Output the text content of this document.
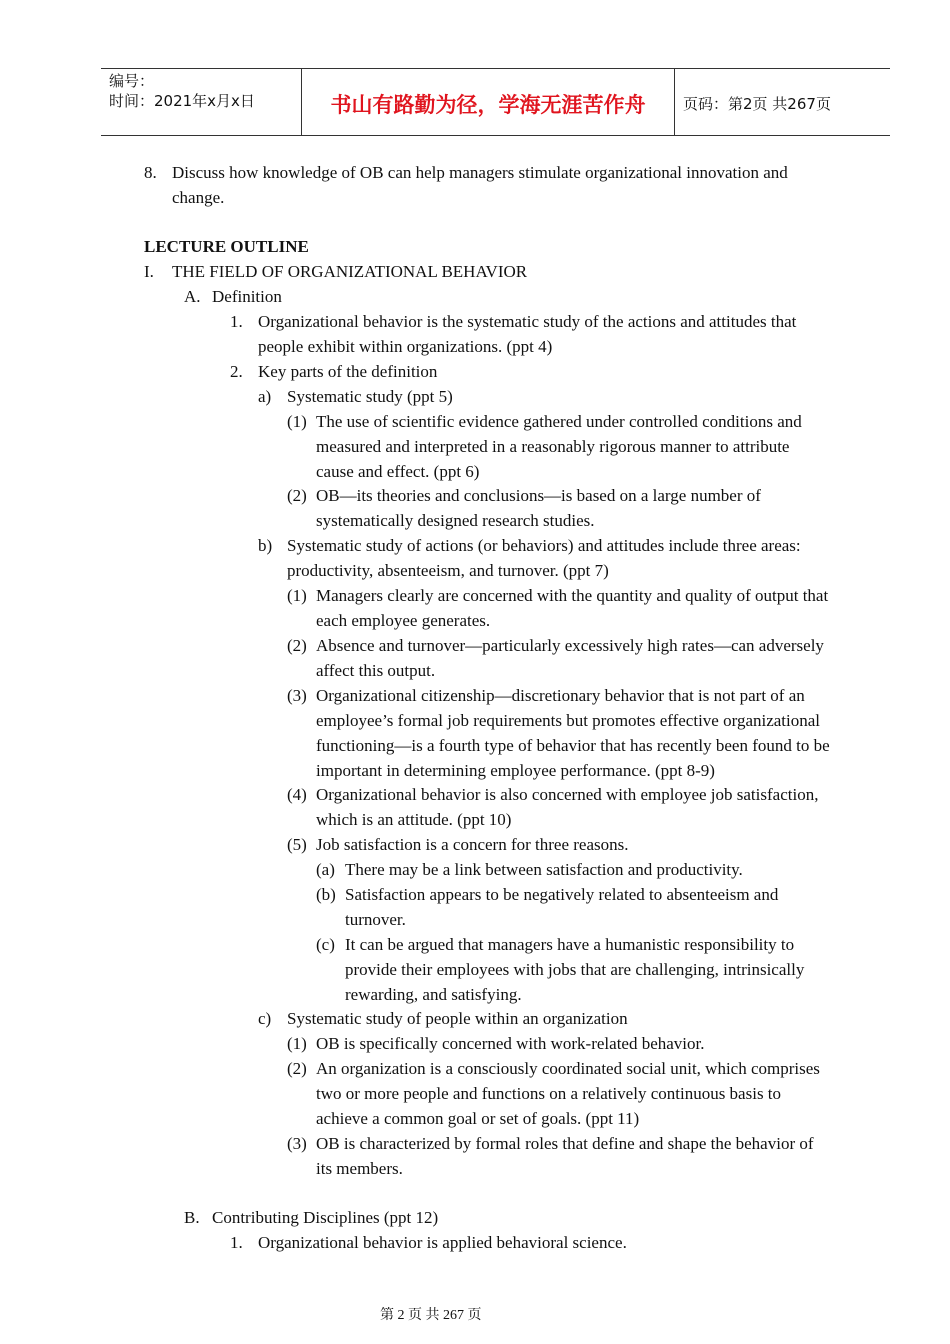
编号：
时间：2021年x月x日	书山有路勤为径，学海无涯苦作舟	页码：第2页 共267页
8. Discuss how knowledge of OB can help managers stimulate organizational innovation and
change.
LECTURE OUTLINE
I. THE FIELD OF ORGANIZATIONAL BEHAVIOR
A. Definition
1. Organizational behavior is the systematic study of the actions and attitudes that
people exhibit within organizations. (ppt 4)
2. Key parts of the definition
a) Systematic study (ppt 5)
(1) The use of scientific evidence gathered under controlled conditions and
measured and interpreted in a reasonably rigorous manner to attribute
cause and effect. (ppt 6)
(2) OB—its theories and conclusions—is based on a large number of
systematically designed research studies.
b) Systematic study of actions (or behaviors) and attitudes include three areas:
productivity, absenteeism, and turnover. (ppt 7)
(1) Managers clearly are concerned with the quantity and quality of output that
each employee generates.
(2) Absence and turnover—particularly excessively high rates—can adversely
affect this output.
(3) Organizational citizenship—discretionary behavior that is not part of an
employee’s formal job requirements but promotes effective organizational
functioning—is a fourth type of behavior that has recently been found to be
important in determining employee performance. (ppt 8-9)
(4) Organizational behavior is also concerned with employee job satisfaction,
which is an attitude. (ppt 10)
(5) Job satisfaction is a concern for three reasons.
(a) There may be a link between satisfaction and productivity.
(b) Satisfaction appears to be negatively related to absenteeism and
turnover.
(c) It can be argued that managers have a humanistic responsibility to
provide their employees with jobs that are challenging, intrinsically
rewarding, and satisfying.
c) Systematic study of people within an organization
(1) OB is specifically concerned with work-related behavior.
(2) An organization is a consciously coordinated social unit, which comprises
two or more people and functions on a relatively continuous basis to
achieve a common goal or set of goals. (ppt 11)
(3) OB is characterized by formal roles that define and shape the behavior of
its members.
B. Contributing Disciplines (ppt 12)
1. Organizational behavior is applied behavioral science.
第 2 页 共 267 页
